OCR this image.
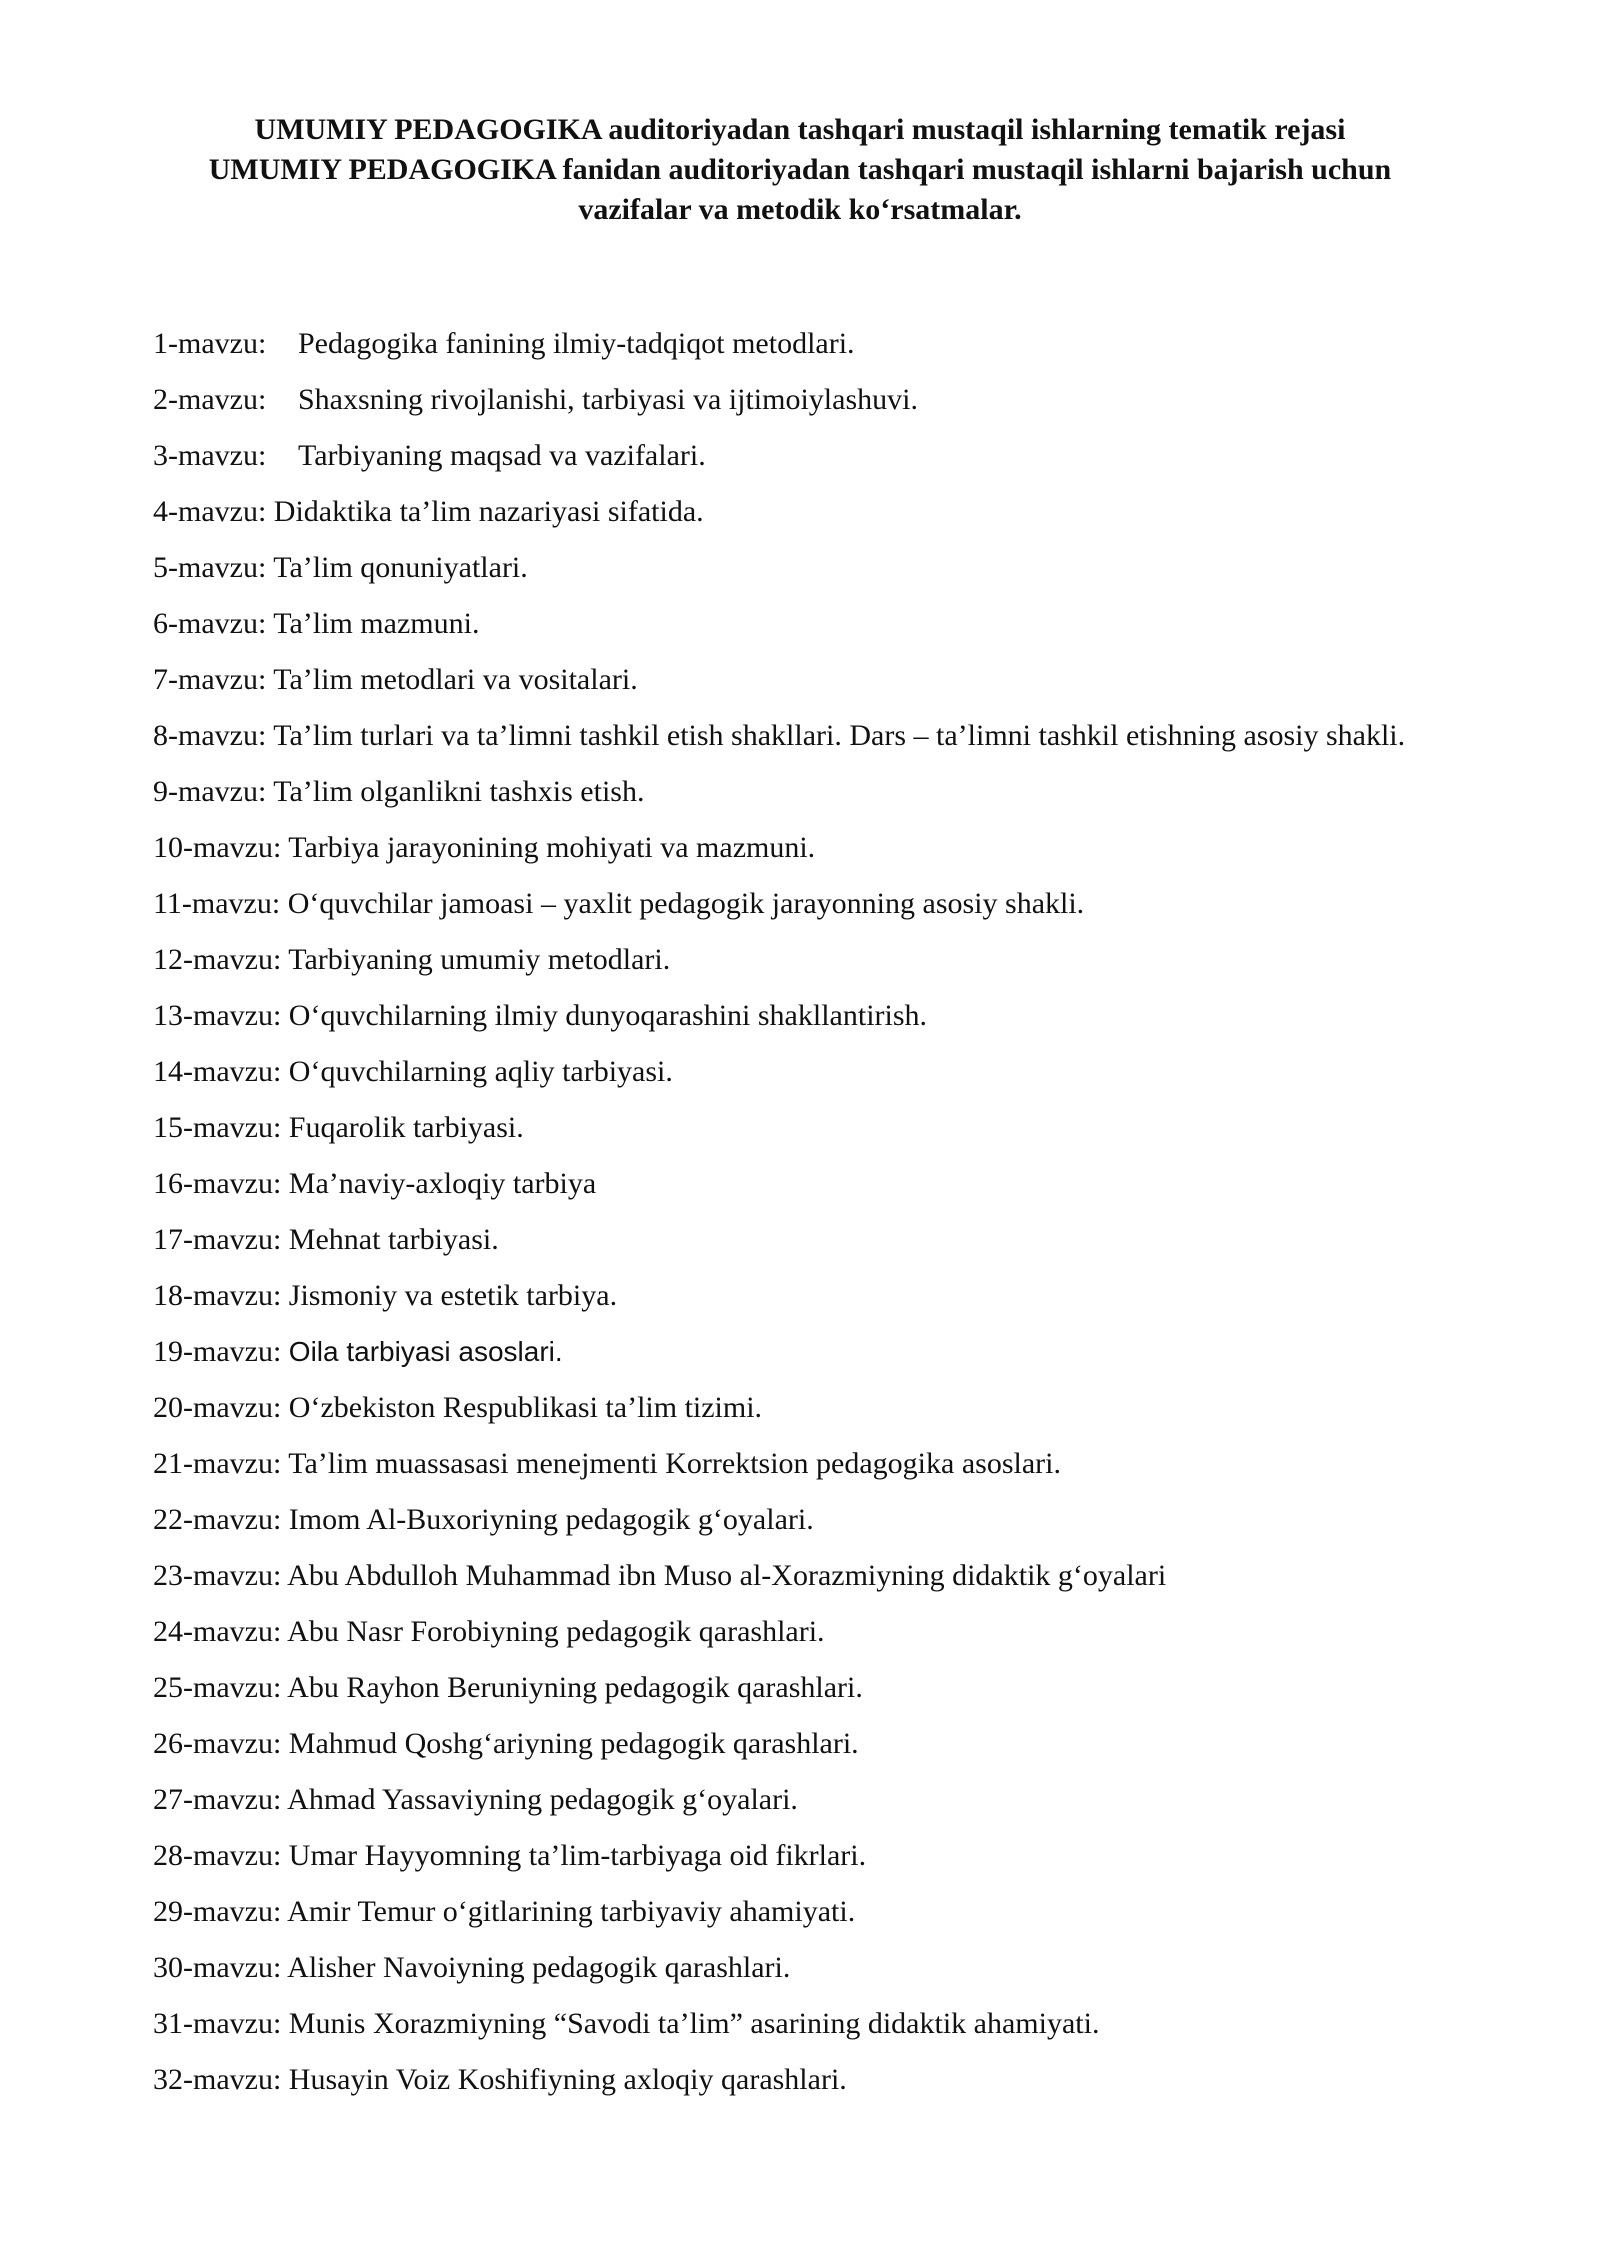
UMUMIY PEDAGOGIKA auditoriyadan tashqari mustaqil ishlarning tematik rejasi
UMUMIY PEDAGOGIKA fanidan auditoriyadan tashqari mustaqil ishlarni bajarish uchun
vazifalar va metodik ko‘rsatmalar.
1-mavzu: Pedagogika fanining ilmiy-tadqiqot metodlari.
2-mavzu: Shaxsning rivojlanishi, tarbiyasi va ijtimoiylashuvi.
3-mavzu: Tarbiyaning maqsad va vazifalari.
4-mavzu: Didaktika ta’lim nazariyasi sifatida.
5-mavzu: Ta’lim qonuniyatlari.
6-mavzu: Ta’lim mazmuni.
7-mavzu: Ta’lim metodlari va vositalari.
8-mavzu: Ta’lim turlari va ta’limni tashkil etish shakllari. Dars – ta’limni tashkil etishning asosiy shakli.
9-mavzu: Ta’lim olganlikni tashxis etish.
10-mavzu: Tarbiya jarayonining mohiyati va mazmuni.
11-mavzu: O‘quvchilar jamoasi – yaxlit pedagogik jarayonning asosiy shakli.
12-mavzu: Tarbiyaning umumiy metodlari.
13-mavzu: O‘quvchilarning ilmiy dunyoqarashini shakllantirish.
14-mavzu: O‘quvchilarning aqliy tarbiyasi.
15-mavzu: Fuqarolik tarbiyasi.
16-mavzu: Ma’naviy-axloqiy tarbiya
17-mavzu: Mehnat tarbiyasi.
18-mavzu: Jismoniy va estetik tarbiya.
19-mavzu: Oila tarbiyasi asoslari.
20-mavzu: O‘zbekiston Respublikasi ta’lim tizimi.
21-mavzu: Ta’lim muassasasi menejmenti Korrektsion pedagogika asoslari.
22-mavzu: Imom Al-Buxoriyning pedagogik g‘oyalari.
23-mavzu: Abu Abdulloh Muhammad ibn Muso al-Xorazmiyning didaktik g‘oyalari
24-mavzu: Abu Nasr Forobiyning pedagogik qarashlari.
25-mavzu: Abu Rayhon Beruniyning pedagogik qarashlari.
26-mavzu: Mahmud Qoshg‘ariyning pedagogik qarashlari.
27-mavzu: Ahmad Yassaviyning pedagogik g‘oyalari.
28-mavzu: Umar Hayyomning ta’lim-tarbiyaga oid fikrlari.
29-mavzu: Amir Temur o‘gitlarining tarbiyaviy ahamiyati.
30-mavzu: Alisher Navoiyning pedagogik qarashlari.
31-mavzu: Munis Xorazmiyning “Savodi ta’lim” asarining didaktik ahamiyati.
32-mavzu: Husayin Voiz Koshifiyning axloqiy qarashlari.
